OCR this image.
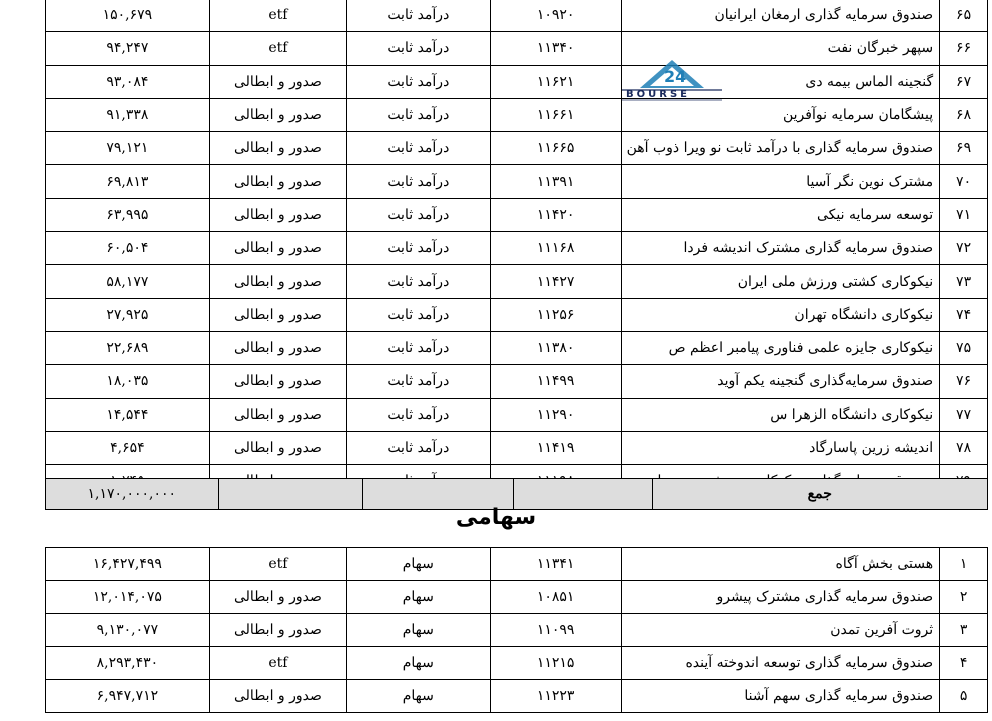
۱۵۰,۶۷۹	etf	درآمد ثابت	۱۰۹۲۰	صندوق سرمایه گذاری ارمغان ایرانیان	۶۵
۹۴,۲۴۷	etf	درآمد ثابت	۱۱۳۴۰	سپهر خبرگان نفت	۶۶
۹۳,۰۸۴	صدور و ابطالی	درآمد ثابت	۱۱۶۲۱	گنجینه الماس بیمه دی	۶۷
۹۱,۳۳۸	صدور و ابطالی	درآمد ثابت	۱۱۶۶۱	پیشگامان سرمایه نوآفرین	۶۸
۷۹,۱۲۱	صدور و ابطالی	درآمد ثابت	۱۱۶۶۵	صندوق سرمایه گذاری با درآمد ثابت نو ویرا ذوب آهن	۶۹
۶۹,۸۱۳	صدور و ابطالی	درآمد ثابت	۱۱۳۹۱	مشترک نوین نگر آسیا	۷۰
۶۳,۹۹۵	صدور و ابطالی	درآمد ثابت	۱۱۴۲۰	توسعه سرمایه نیکی	۷۱
۶۰,۵۰۴	صدور و ابطالی	درآمد ثابت	۱۱۱۶۸	صندوق سرمایه گذاری مشترک اندیشه فردا	۷۲
۵۸,۱۷۷	صدور و ابطالی	درآمد ثابت	۱۱۴۲۷	نیکوکاری کشتی ورزش ملی ایران	۷۳
۲۷,۹۲۵	صدور و ابطالی	درآمد ثابت	۱۱۲۵۶	نیکوکاری دانشگاه تهران	۷۴
۲۲,۶۸۹	صدور و ابطالی	درآمد ثابت	۱۱۳۸۰	نیکوکاری جایزه علمی فناوری پیامبر اعظم ص	۷۵
۱۸,۰۳۵	صدور و ابطالی	درآمد ثابت	۱۱۴۹۹	صندوق سرمایه‌گذاری گنجینه یکم آوید	۷۶
۱۴,۵۴۴	صدور و ابطالی	درآمد ثابت	۱۱۲۹۰	نیکوکاری دانشگاه الزهرا س	۷۷
۴,۶۵۴	صدور و ابطالی	درآمد ثابت	۱۱۴۱۹	اندیشه زرین پاسارگاد	۷۸

24
BOURSE
۱,۱۷۰,۰۰۰,۰۰۰				جمع
سهامی
۱۶,۴۲۷,۴۹۹	etf	سهام	۱۱۳۴۱	هستی بخش آگاه	۱
۱۲,۰۱۴,۰۷۵	صدور و ابطالی	سهام	۱۰۸۵۱	صندوق سرمایه گذاری مشترک پیشرو	۲
۹,۱۳۰,۰۷۷	صدور و ابطالی	سهام	۱۱۰۹۹	ثروت آفرین تمدن	۳
۸,۲۹۳,۴۳۰	etf	سهام	۱۱۲۱۵	صندوق سرمایه گذاری توسعه اندوخته آینده	۴
۶,۹۴۷,۷۱۲	صدور و ابطالی	سهام	۱۱۲۲۳	صندوق سرمایه گذاری سهم آشنا	۵
